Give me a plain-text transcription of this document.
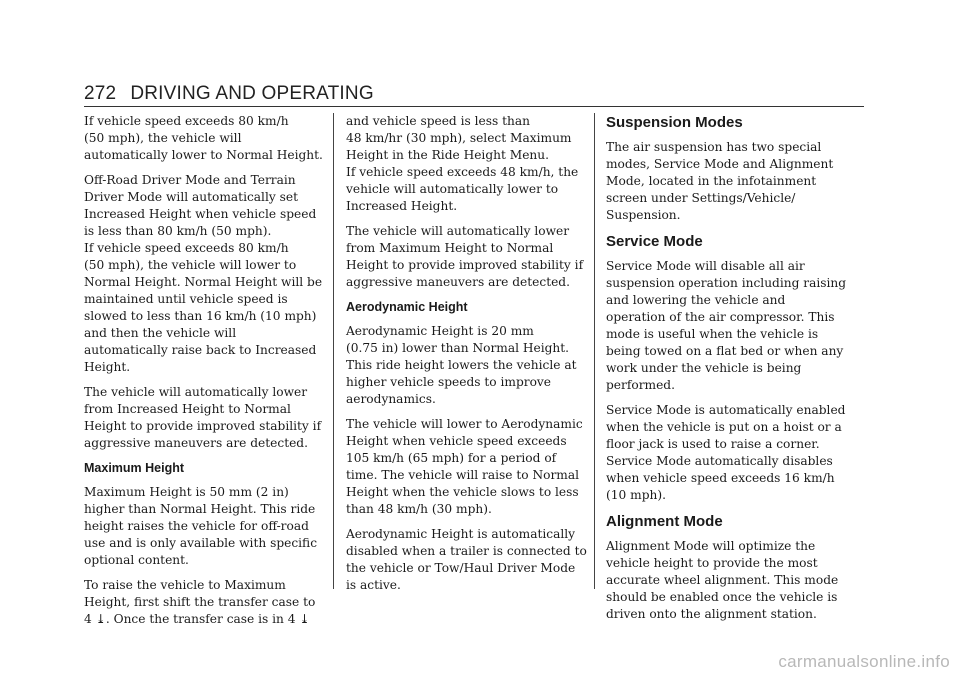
272 DRIVING AND OPERATING
If vehicle speed exceeds 80 km/h
(50 mph), the vehicle will
automatically lower to Normal Height.
Off-Road Driver Mode and Terrain
Driver Mode will automatically set
Increased Height when vehicle speed
is less than 80 km/h (50 mph).
If vehicle speed exceeds 80 km/h
(50 mph), the vehicle will lower to
Normal Height. Normal Height will be
maintained until vehicle speed is
slowed to less than 16 km/h (10 mph)
and then the vehicle will
automatically raise back to Increased
Height.
The vehicle will automatically lower
from Increased Height to Normal
Height to provide improved stability if
aggressive maneuvers are detected.
Maximum Height
Maximum Height is 50 mm (2 in)
higher than Normal Height. This ride
height raises the vehicle for off-road
use and is only available with specific
optional content.
To raise the vehicle to Maximum
Height, first shift the transfer case to
4 ⤓. Once the transfer case is in 4 ⤓
and vehicle speed is less than
48 km/hr (30 mph), select Maximum
Height in the Ride Height Menu.
If vehicle speed exceeds 48 km/h, the
vehicle will automatically lower to
Increased Height.
The vehicle will automatically lower
from Maximum Height to Normal
Height to provide improved stability if
aggressive maneuvers are detected.
Aerodynamic Height
Aerodynamic Height is 20 mm
(0.75 in) lower than Normal Height.
This ride height lowers the vehicle at
higher vehicle speeds to improve
aerodynamics.
The vehicle will lower to Aerodynamic
Height when vehicle speed exceeds
105 km/h (65 mph) for a period of
time. The vehicle will raise to Normal
Height when the vehicle slows to less
than 48 km/h (30 mph).
Aerodynamic Height is automatically
disabled when a trailer is connected to
the vehicle or Tow/Haul Driver Mode
is active.
Suspension Modes
The air suspension has two special
modes, Service Mode and Alignment
Mode, located in the infotainment
screen under Settings/Vehicle/
Suspension.
Service Mode
Service Mode will disable all air
suspension operation including raising
and lowering the vehicle and
operation of the air compressor. This
mode is useful when the vehicle is
being towed on a flat bed or when any
work under the vehicle is being
performed.
Service Mode is automatically enabled
when the vehicle is put on a hoist or a
floor jack is used to raise a corner.
Service Mode automatically disables
when vehicle speed exceeds 16 km/h
(10 mph).
Alignment Mode
Alignment Mode will optimize the
vehicle height to provide the most
accurate wheel alignment. This mode
should be enabled once the vehicle is
driven onto the alignment station.
carmanualsonline.info
